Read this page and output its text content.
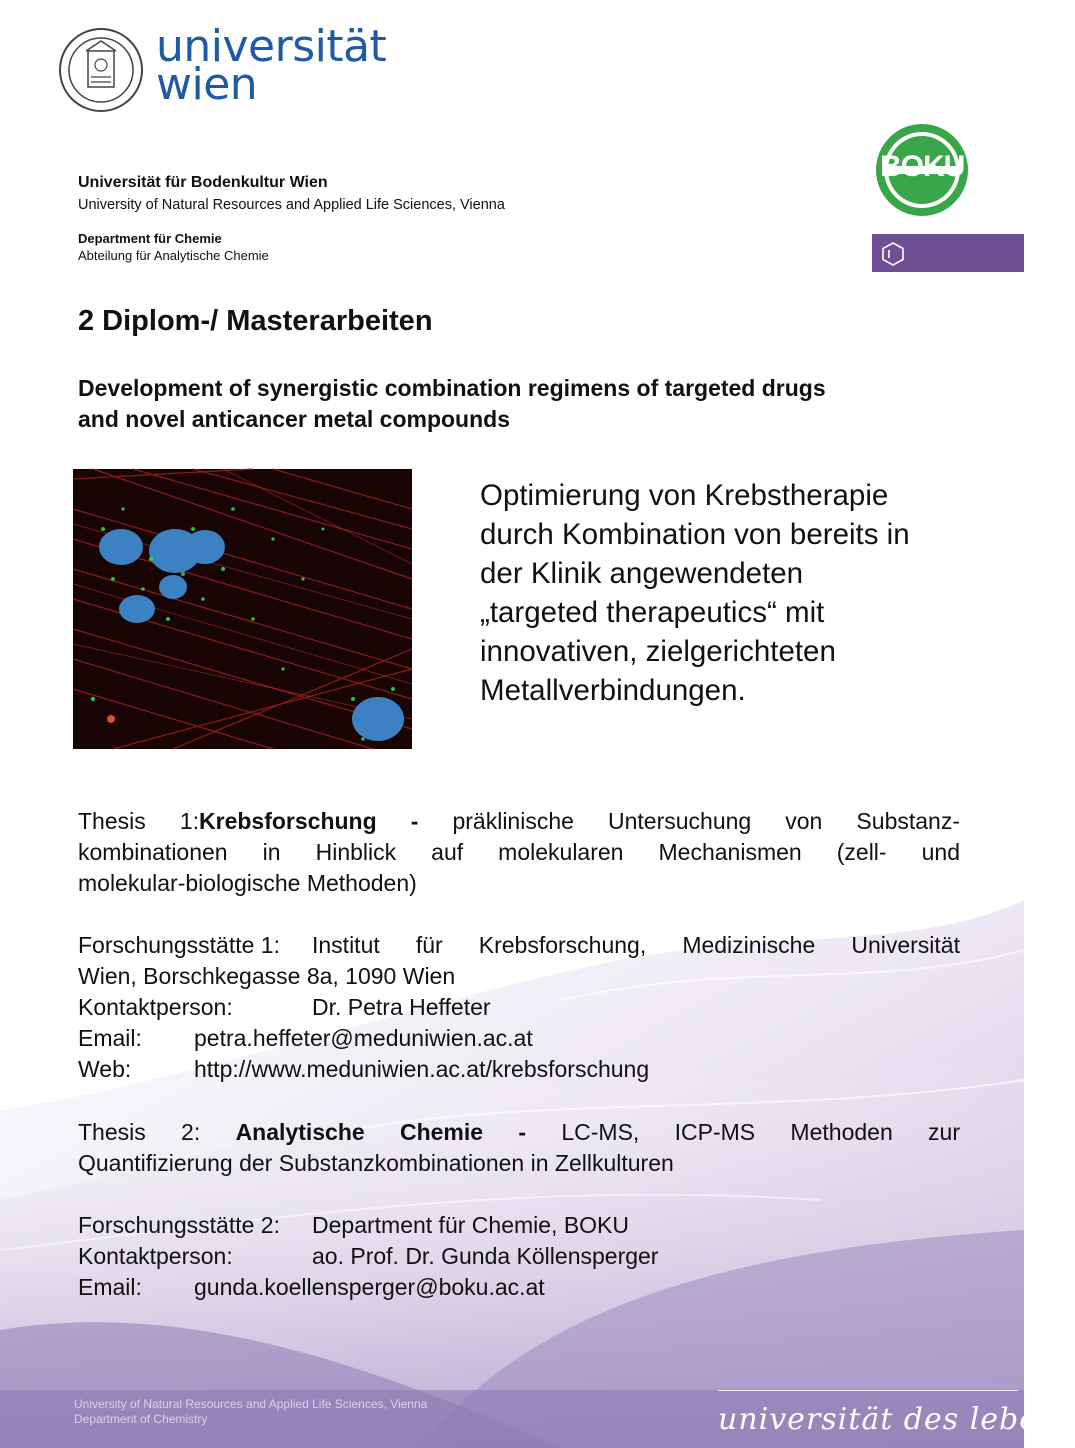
universität
wien
BOKU
Universität für Bodenkultur Wien
University of Natural Resources and Applied Life Sciences, Vienna
Department für Chemie
Abteilung für Analytische Chemie
2 Diplom-/ Masterarbeiten
Development of synergistic combination regimens of targeted drugs
and novel anticancer metal compounds
Optimierung von Krebstherapie
durch Kombination von bereits in
der Klinik angewendeten
„targeted therapeutics“ mit
innovativen, zielgerichteten
Metallverbindungen.
Thesis 1:Krebsforschung - präklinische Untersuchung von Substanz-
kombinationen in Hinblick auf molekularen Mechanismen (zell- und
molekular-biologische Methoden)
Forschungsstätte 1: Institut für Krebsforschung, Medizinische Universität
Wien, Borschkegasse 8a, 1090 Wien
Kontaktperson:	Dr. Petra Heffeter
Email: petra.heffeter@meduniwien.ac.at
Web:	http://www.meduniwien.ac.at/krebsforschung
Thesis 2: Analytische Chemie - LC-MS, ICP-MS Methoden zur
Quantifizierung der Substanzkombinationen in Zellkulturen
Forschungsstätte 2: Department für Chemie, BOKU
Kontaktperson:	ao. Prof. Dr. Gunda Köllensperger
Email: gunda.koellensperger@boku.ac.at
University of Natural Resources and Applied Life Sciences, Vienna
Department of Chemistry	universität des lebens
